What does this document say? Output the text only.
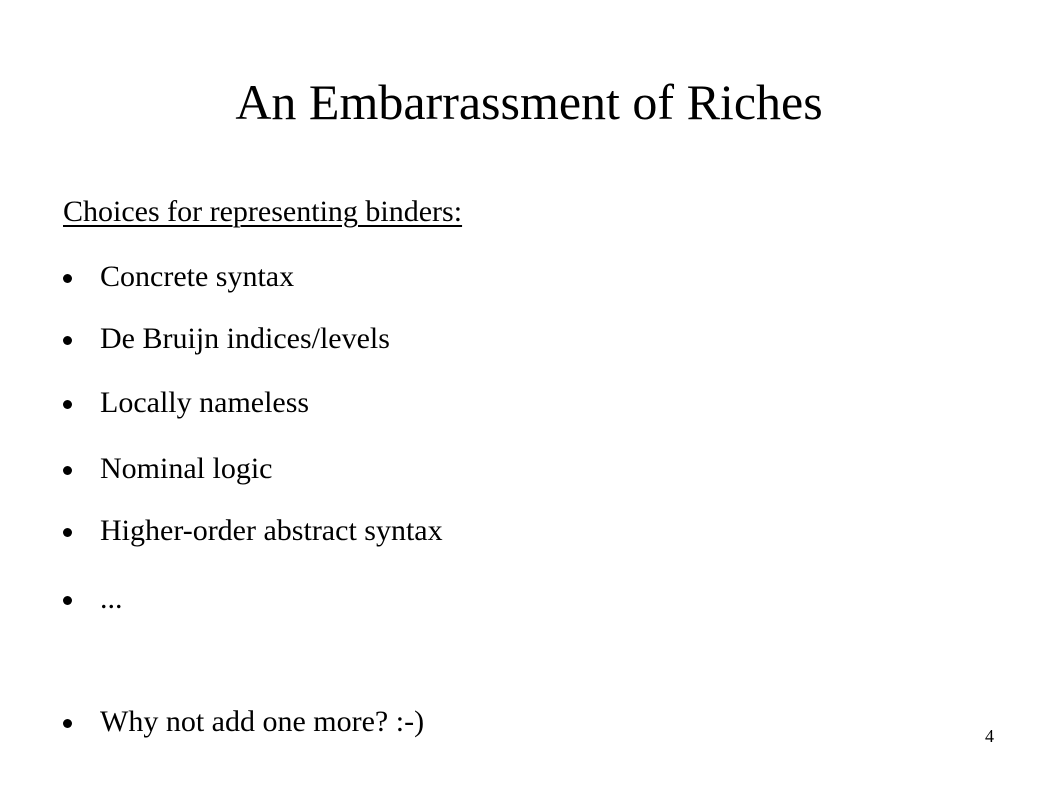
An Embarrassment of Riches
Choices for representing binders:
Concrete syntax
De Bruijn indices/levels
Locally nameless
Nominal logic
Higher-order abstract syntax
...
Why not add one more? :-)	4
